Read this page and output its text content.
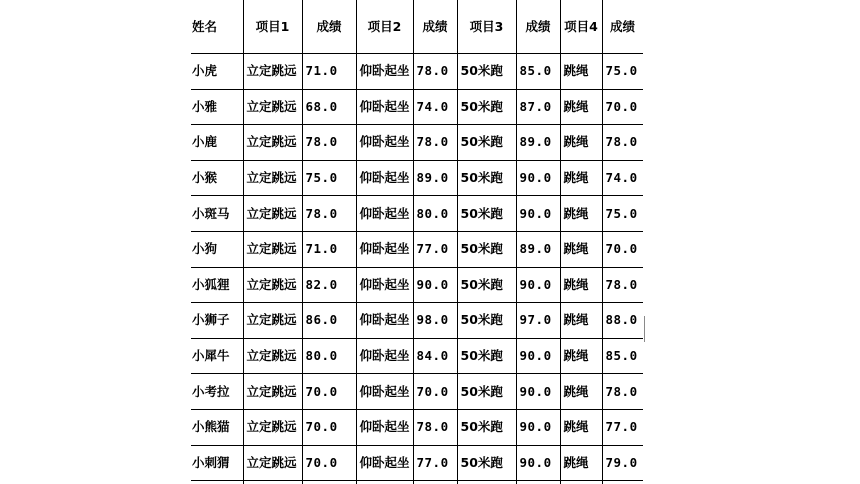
姓名	项目1	成绩	项目2	成绩	项目3	成绩	项目4	成绩
小虎	立定跳远	71.0	仰卧起坐	78.0	50米跑	85.0	跳绳	75.0
小雅	立定跳远	68.0	仰卧起坐	74.0	50米跑	87.0	跳绳	70.0
小鹿	立定跳远	78.0	仰卧起坐	78.0	50米跑	89.0	跳绳	78.0
小猴	立定跳远	75.0	仰卧起坐	89.0	50米跑	90.0	跳绳	74.0
小斑马	立定跳远	78.0	仰卧起坐	80.0	50米跑	90.0	跳绳	75.0
小狗	立定跳远	71.0	仰卧起坐	77.0	50米跑	89.0	跳绳	70.0
小狐狸	立定跳远	82.0	仰卧起坐	90.0	50米跑	90.0	跳绳	78.0
小狮子	立定跳远	86.0	仰卧起坐	98.0	50米跑	97.0	跳绳	88.0
小犀牛	立定跳远	80.0	仰卧起坐	84.0	50米跑	90.0	跳绳	85.0
小考拉	立定跳远	70.0	仰卧起坐	70.0	50米跑	90.0	跳绳	78.0
小熊猫	立定跳远	70.0	仰卧起坐	78.0	50米跑	90.0	跳绳	77.0
小刺猬	立定跳远	70.0	仰卧起坐	77.0	50米跑	90.0	跳绳	79.0
